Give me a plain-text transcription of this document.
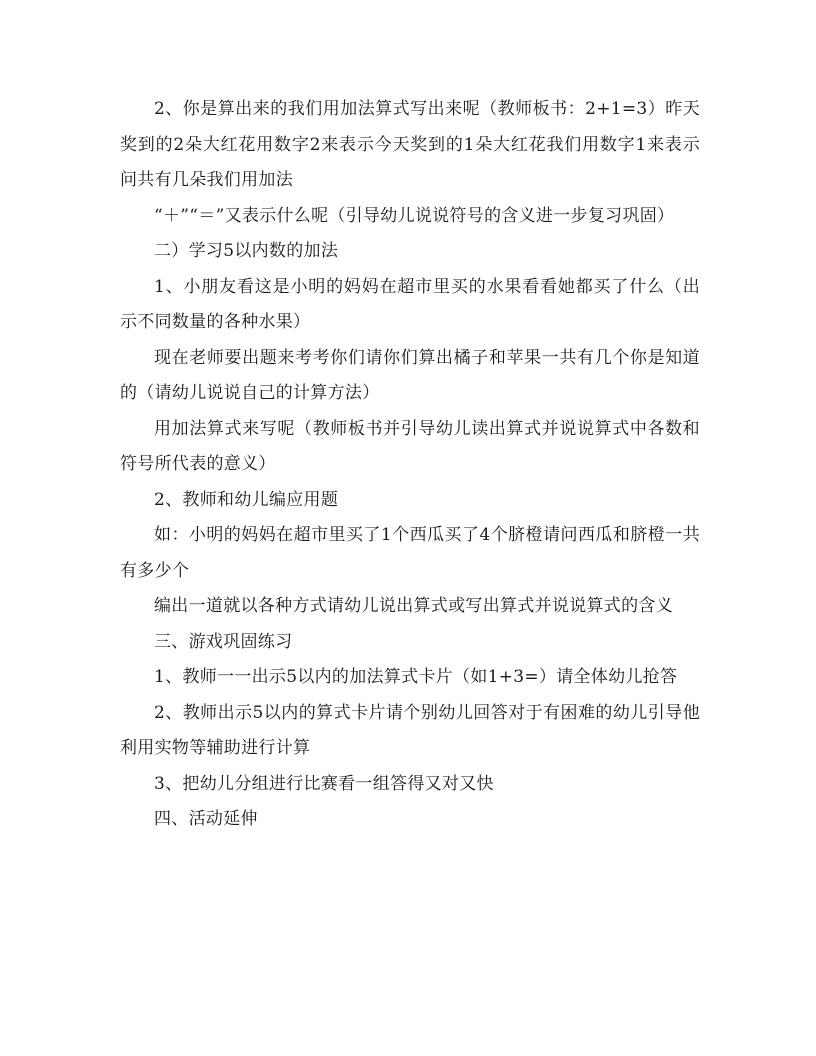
2、你是算出来的我们用加法算式写出来呢（教师板书：2+1=3）昨天奖到的2朵大红花用数字2来表示今天奖到的1朵大红花我们用数字1来表示问共有几朵我们用加法

“＋”“＝”又表示什么呢（引导幼儿说说符号的含义进一步复习巩固）

二）学习5以内数的加法

1、小朋友看这是小明的妈妈在超市里买的水果看看她都买了什么（出示不同数量的各种水果）

现在老师要出题来考考你们请你们算出橘子和苹果一共有几个你是知道的（请幼儿说说自己的计算方法）

用加法算式来写呢（教师板书并引导幼儿读出算式并说说算式中各数和符号所代表的意义）

2、教师和幼儿编应用题

如：小明的妈妈在超市里买了1个西瓜买了4个脐橙请问西瓜和脐橙一共有多少个

编出一道就以各种方式请幼儿说出算式或写出算式并说说算式的含义

三、游戏巩固练习

1、教师一一出示5以内的加法算式卡片（如1+3=）请全体幼儿抢答

2、教师出示5以内的算式卡片请个别幼儿回答对于有困难的幼儿引导他利用实物等辅助进行计算

3、把幼儿分组进行比赛看一组答得又对又快

四、活动延伸
